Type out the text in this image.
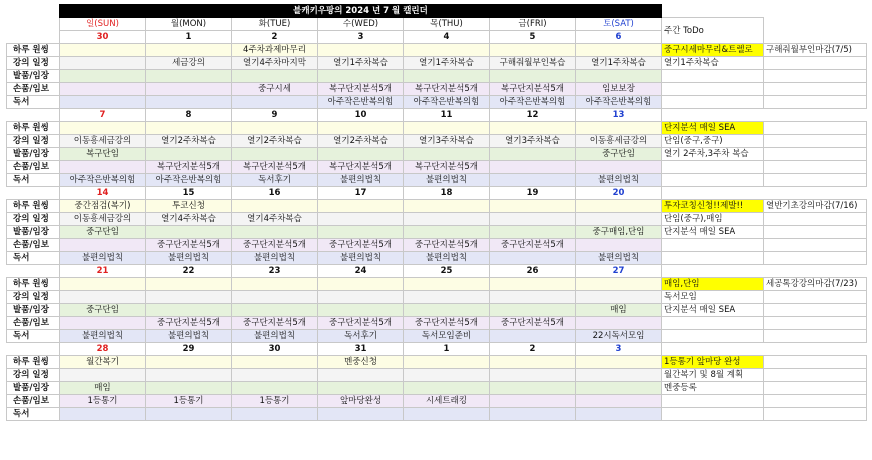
	블캐키우팡의 2024 년 7 월 캘린더								
	일(SUN)	월(MON)	화(TUE)	수(WED)	목(THU)	금(FRI)	토(SAT)	주간 ToDo	
	30	1	2	3	4	5	6		
하루 원씽			4주차과제마무리					중구시세마무리&트렐로	구해줘월부인마감(7/5)
강의 일정		세금강의	열기4주차마지막	열기1주차복습	열기1주차복습	구해줘월부인복습	열기1주차복습	열기1주차복습	
발품/임장									
손품/임보			중구시세	복구단지분석5개	복구단지분석5개	복구단지분석5개	임보보장		
독서				아주작은반복의힘	아주작은반복의힘	아주작은반복의힘	아주작은반복의힘		
	7	8	9	10	11	12	13		
하루 원씽								단지분석 매일 SEA	
강의 일정	이동흥세금강의	열기2주차복습	열기2주차복습	열기2주차복습	열기3주차복습	열기3주차복습	이동흥세금강의	단임(중구,중구)	
발품/임장	복구단임						중구단임	열기 2주차,3주차 복습	
손품/임보		복구단지분석5개	복구단지분석5개	복구단지분석5개	복구단지분석5개				
독서	아주작은반복의힘	아주작은반복의힘	독서후기	불편의법칙	불편의법칙		불편의법칙		
	14	15	16	17	18	19	20		
하루 원씽	중간점검(복기)	투코신청						투자코칭신청!!제발!!	열반기초강의마감(7/16)
강의 일정	이동흥세금강의	열기4주차복습	열기4주차복습					단임(중구),매임	
발품/임장	중구단임						중구매임,단임	단지분석 매일 SEA	
손품/임보		중구단지분석5개	중구단지분석5개	중구단지분석5개	중구단지분석5개	중구단지분석5개			
독서	불편의법칙	불편의법칙	불편의법칙	불편의법칙	불편의법칙		불편의법칙		
	21	22	23	24	25	26	27		
하루 원씽								매임,단임	세공톡강강의마감(7/23)
강의 일정								독서모임	
발품/임장	중구단임						매임	단지분석 매일 SEA	
손품/임보		중구단지분석5개	중구단지분석5개	중구단지분석5개	중구단지분석5개	중구단지분석5개			
독서	불편의법칙	불편의법칙	불편의법칙	독서후기	독서모임준비		22시독서모임		
	28	29	30	31	1	2	3		
하루 원씽	월간복기			멘중신청				1등통기 앞마당 완성	
강의 일정								월간복기 및 8월 계획	
발품/임장	매임							멘중등록	
손품/임보	1등통기	1등통기	1등통기	앞마당완성	시세트래킹				
독서									
